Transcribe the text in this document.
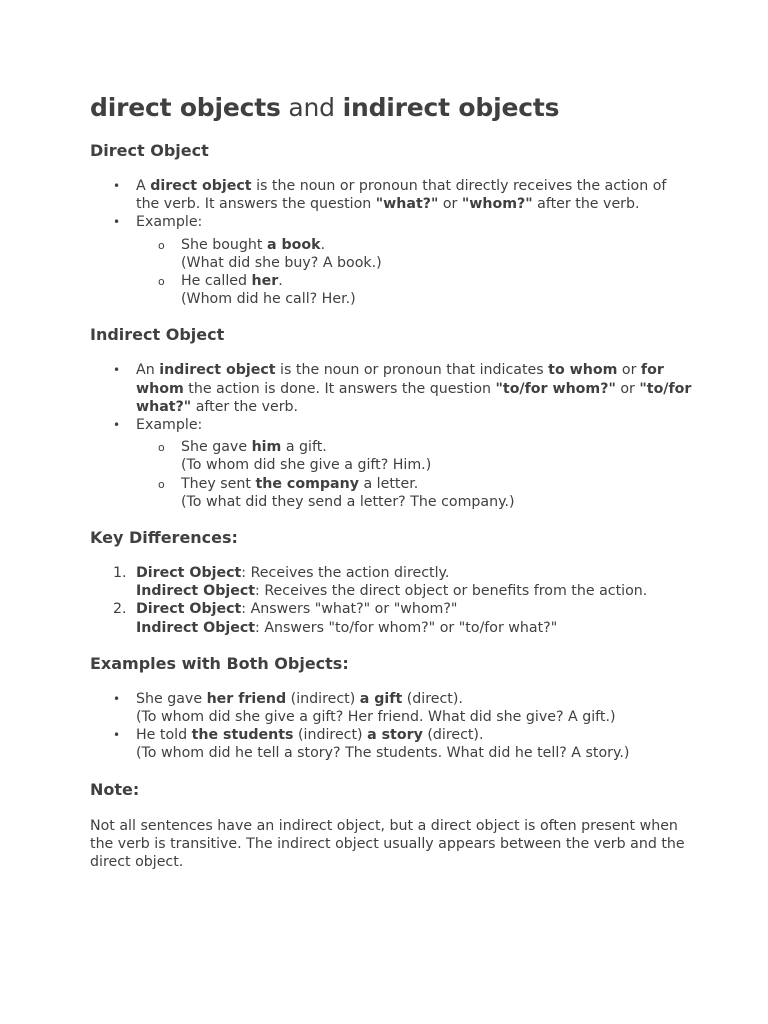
direct objects and indirect objects
Direct Object
• A direct object is the noun or pronoun that directly receives the action of the verb. It answers the question "what?" or "whom?" after the verb.
• Example:
o She bought a book.
(What did she buy? A book.)
o He called her.
(Whom did he call? Her.)
Indirect Object
• An indirect object is the noun or pronoun that indicates to whom or for whom the action is done. It answers the question "to/for whom?" or "to/for what?" after the verb.
• Example:
o She gave him a gift.
(To whom did she give a gift? Him.)
o They sent the company a letter.
(To what did they send a letter? The company.)
Key Differences:
1. Direct Object: Receives the action directly.
Indirect Object: Receives the direct object or benefits from the action.
2. Direct Object: Answers "what?" or "whom?"
Indirect Object: Answers "to/for whom?" or "to/for what?"
Examples with Both Objects:
• She gave her friend (indirect) a gift (direct).
(To whom did she give a gift? Her friend. What did she give? A gift.)
• He told the students (indirect) a story (direct).
(To whom did he tell a story? The students. What did he tell? A story.)
Note:

Not all sentences have an indirect object, but a direct object is often present when the verb is transitive. The indirect object usually appears between the verb and the direct object.
